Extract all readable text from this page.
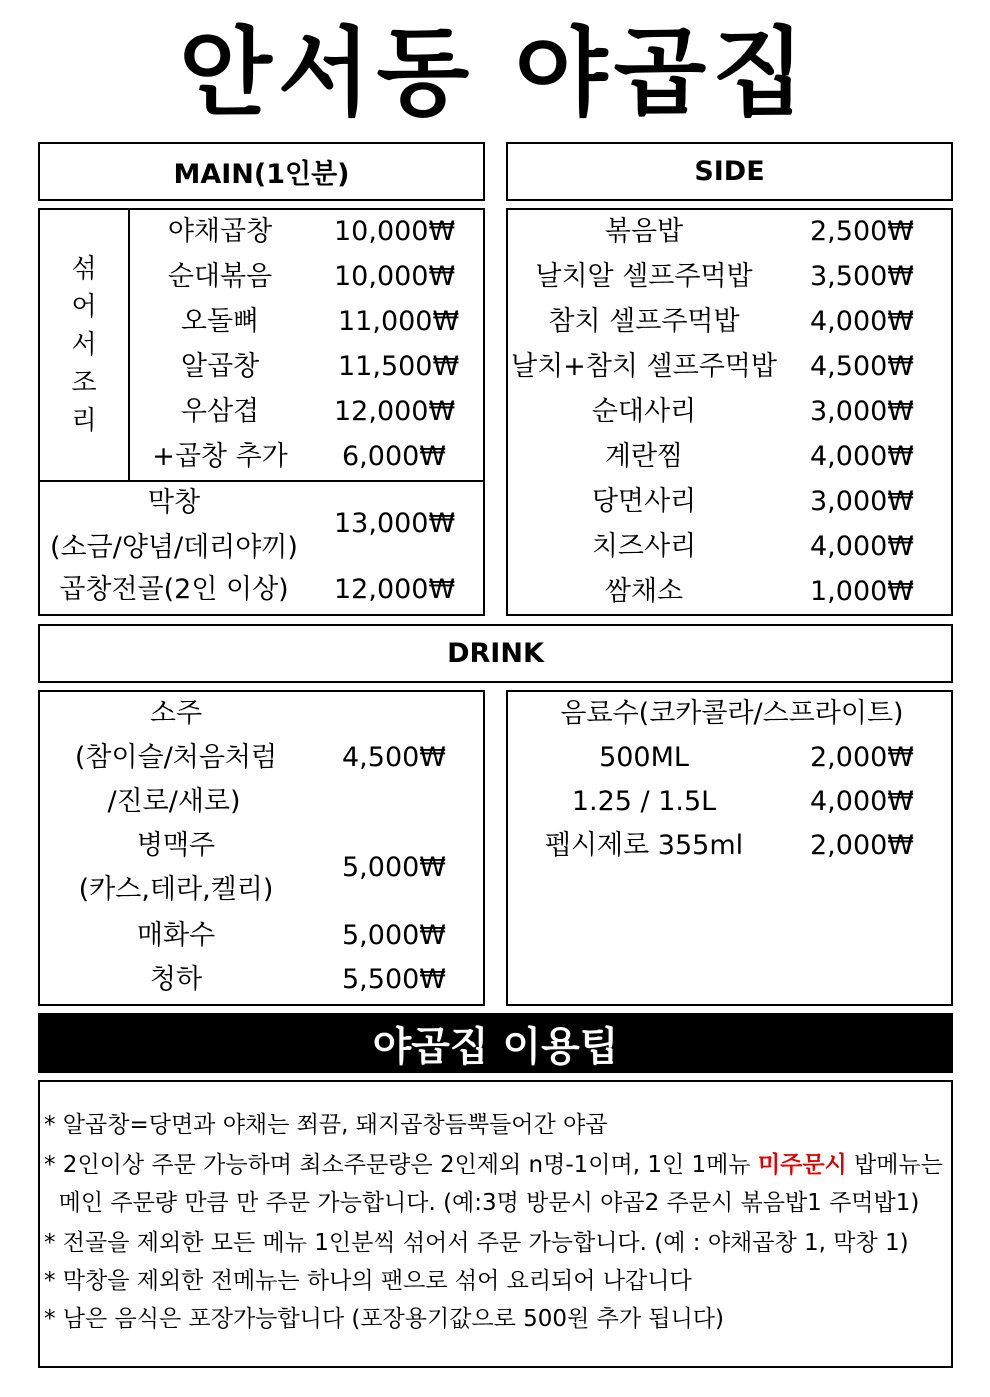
안서동 야곱집
MAIN(1인분)	SIDE
섞
어
서
조
리
야채곱창 10,000₩
순대볶음 10,000₩
오돌뼈	11,000₩
알곱창	11,500₩
우삼겹	12,000₩
+곱창 추가 6,000₩
막창
(소금/양념/데리야끼)
13,000₩
곱창전골(2인 이상) 12,000₩
볶음밥	2,500₩
날치알 셀프주먹밥 3,500₩
참치 셀프주먹밥	4,000₩
날치+참치 셀프주먹밥 4,500₩
순대사리	3,000₩
계란찜	4,000₩
당면사리	3,000₩
치즈사리	4,000₩
쌈채소	1,000₩
DRINK
소주
(참이슬/처음처럼 4,500₩
/진로/새로)
병맥주
(카스,테라,켈리)
5,000₩
매화수	5,000₩
청하	5,500₩
음료수(코카콜라/스프라이트)
500ML	2,000₩
1.25 / 1.5L	4,000₩
펩시제로 355ml 2,000₩
야곱집 이용팁
* 알곱창=당면과 야채는 쬐끔, 돼지곱창듬뿍들어간 야곱
* 2인이상 주문 가능하며 최소주문량은 2인제외 n명-1이며, 1인 1메뉴 미주문시 밥메뉴는
메인 주문량 만큼 만 주문 가능합니다. (예:3명 방문시 야곱2 주문시 볶음밥1 주먹밥1)
* 전골을 제외한 모든 메뉴 1인분씩 섞어서 주문 가능합니다. (예 : 야채곱창 1, 막창 1)
* 막창을 제외한 전메뉴는 하나의 팬으로 섞어 요리되어 나갑니다
* 남은 음식은 포장가능합니다 (포장용기값으로 500원 추가 됩니다)
